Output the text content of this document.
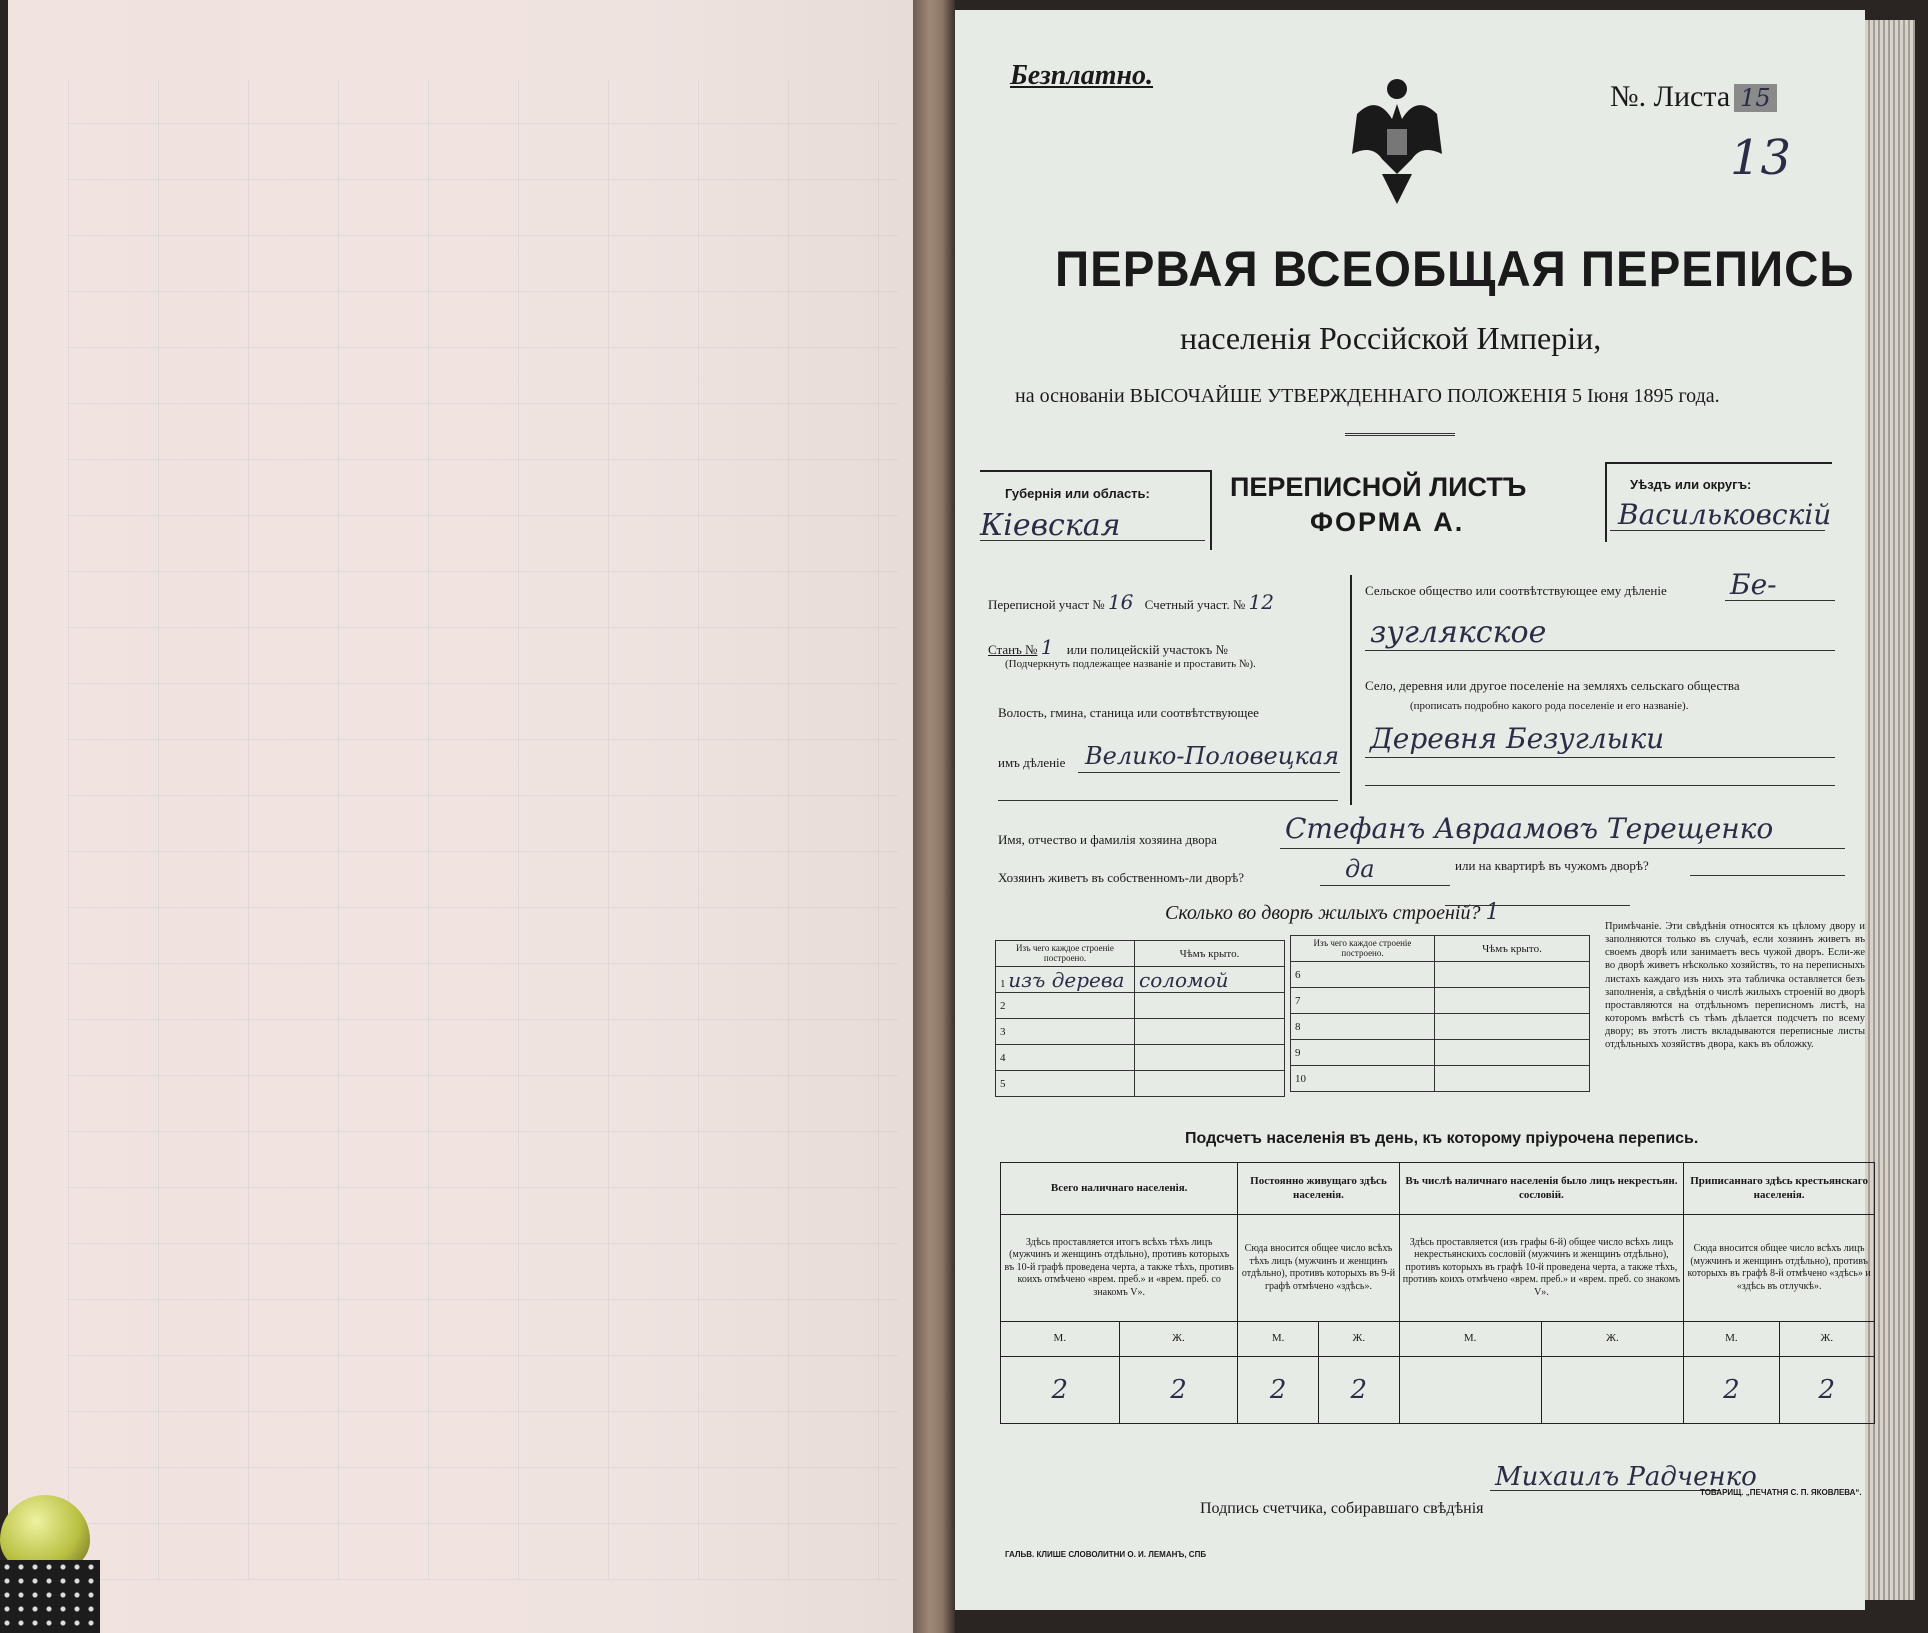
Безплатно.
№. Листа 15
13
ПЕРВАЯ ВСЕОБЩАЯ ПЕРЕПИСЬ
населенія Россійской Имперіи,
на основаніи ВЫСОЧАЙШЕ УТВЕРЖДЕННАГО ПОЛОЖЕНІЯ 5 Іюня 1895 года.
Губернія или область:
Кіевская
ПЕРЕПИСНОЙ ЛИСТЪ
ФОРМА А.
Уѣздъ или округъ:
Васильковскій
Переписной участ № 16 Счетный участ. № 12
Станъ № 1 или полицейскій участокъ №
(Подчеркнуть подлежащее названіе и проставить №).
Волость, гмина, станица или соотвѣтствующее
имъ дѣленіе Велико-Половецкая
Сельское общество или соотвѣтствующее ему дѣленіе Бе-
зуглякское
Село, деревня или другое поселеніе на земляхъ сельскаго общества
(прописать подробно какого рода поселеніе и его названіе).
Деревня Безуглыки
Имя, отчество и фамилія хозяина двора Стефанъ Авраамовъ Терещенко
Хозяинъ живетъ въ собственномъ-ли дворѣ?	да	или на квартирѣ въ чужомъ дворѣ?
Сколько во дворѣ жилыхъ строеній? 1
Изъ чего каждое строеніе построено.	Чѣмъ крыто.
1 изъ дерева	соломой
2	
3	
4	
5	
Изъ чего каждое строеніе построено.	Чѣмъ крыто.
6	
7	
8	
9	
10	
Примѣчаніе. Эти свѣдѣнія относятся къ цѣлому двору и заполняются только въ случаѣ, если хозяинъ живетъ въ своемъ дворѣ или занимаетъ весь чужой дворъ. Если-же во дворѣ живетъ нѣсколько хозяйствъ, то на переписныхъ листахъ каждаго изъ нихъ эта табличка оставляется безъ заполненія, а свѣдѣнія о числѣ жилыхъ строеній во дворѣ проставляются на отдѣльномъ переписномъ листѣ, на которомъ вмѣстѣ съ тѣмъ дѣлается подсчетъ по всему двору; въ этотъ листъ вкладываются переписные листы отдѣльныхъ хозяйствъ двора, какъ въ обложку.
Подсчетъ населенія въ день, къ которому пріурочена перепись.
Всего наличнаго населенія.		Постоянно живущаго здѣсь населенія.		Въ числѣ наличнаго населенія было лицъ некрестьян. сословій.		Приписаннаго здѣсь крестьянскаго населенія.	
Здѣсь проставляется итогъ всѣхъ тѣхъ лицъ (мужчинъ и женщинъ отдѣльно), противъ которыхъ въ 10-й графѣ проведена черта, а также тѣхъ, противъ коихъ отмѣчено «врем. преб.» и «врем. преб. со знакомъ V».		Сюда вносится общее число всѣхъ тѣхъ лицъ (мужчинъ и женщинъ отдѣльно), противъ которыхъ въ 9-й графѣ отмѣчено «здѣсь».		Здѣсь проставляется (изъ графы 6-й) общее число всѣхъ лицъ некрестьянскихъ сословій (мужчинъ и женщинъ отдѣльно), противъ которыхъ въ графѣ 10-й проведена черта, а также тѣхъ, противъ коихъ отмѣчено «врем. преб.» и «врем. преб. со знакомъ V».		Сюда вносится общее число всѣхъ лицъ (мужчинъ и женщинъ отдѣльно), противъ которыхъ въ графѣ 8-й отмѣчено «здѣсь» и «здѣсь въ отлучкѣ».	
М.	Ж.	М.	Ж.	М.	Ж.	М.	Ж.
2	2	2	2			2	2
Подпись счетчика, собиравшаго свѣдѣнія
Михаилъ Радченко
ГАЛЬВ. КЛИШЕ СЛОВОЛИТНИ О. И. ЛЕМАНЪ, СПБ
ТОВАРИЩ. „ПЕЧАТНЯ С. П. ЯКОВЛЕВА“.
